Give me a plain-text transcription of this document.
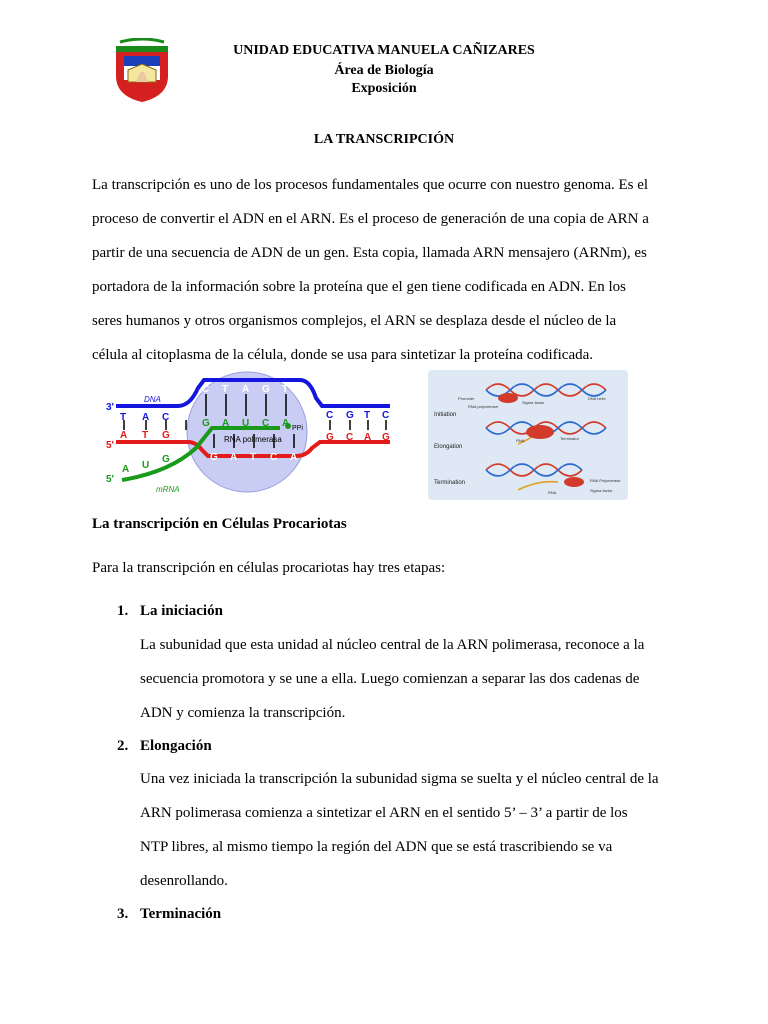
UNIDAD EDUCATIVA MANUELA CAÑIZARES
Área de Biología
Exposición
LA TRANSCRIPCIÓN

La transcripción es uno de los procesos fundamentales que ocurre con nuestro genoma. Es el

proceso de convertir el ADN en el ARN. Es el proceso de generación de una copia de ARN a

partir de una secuencia de ADN de un gen. Esta copia, llamada ARN mensajero (ARNm), es

portadora de la información sobre la proteína que el gen tiene codificada en ADN. En los

seres humanos y otros organismos complejos, el ARN se desplaza desde el núcleo de la

célula al citoplasma de la célula, donde se usa para sintetizar la proteína codificada.

DNA
mRNA
RNA polimerasa
PPi
3'
5'
5'
T A C
A T G
A U
G
C T A G T
G A U C A
G A T C A
C G T C
G C A G
Initiation
Elongation
Termination
Promoter
RNA polymerase
Sigma factor
DNA helix
RNA	Terminator
RNA
RNA Polymerase
Sigma factor
La transcripción en Células Procariotas
Para la transcripción en células procariotas hay tres etapas:
1. La iniciación

La subunidad que esta unidad al núcleo central de la ARN polimerasa, reconoce a la

secuencia promotora y se une a ella. Luego comienzan a separar las dos cadenas de

ADN y comienza la transcripción.

2. Elongación

Una vez iniciada la transcripción la subunidad sigma se suelta y el núcleo central de la

ARN polimerasa comienza a sintetizar el ARN en el sentido 5’ – 3’ a partir de los

NTP libres, al mismo tiempo la región del ADN que se está trascribiendo se va

desenrollando.

3. Terminación
